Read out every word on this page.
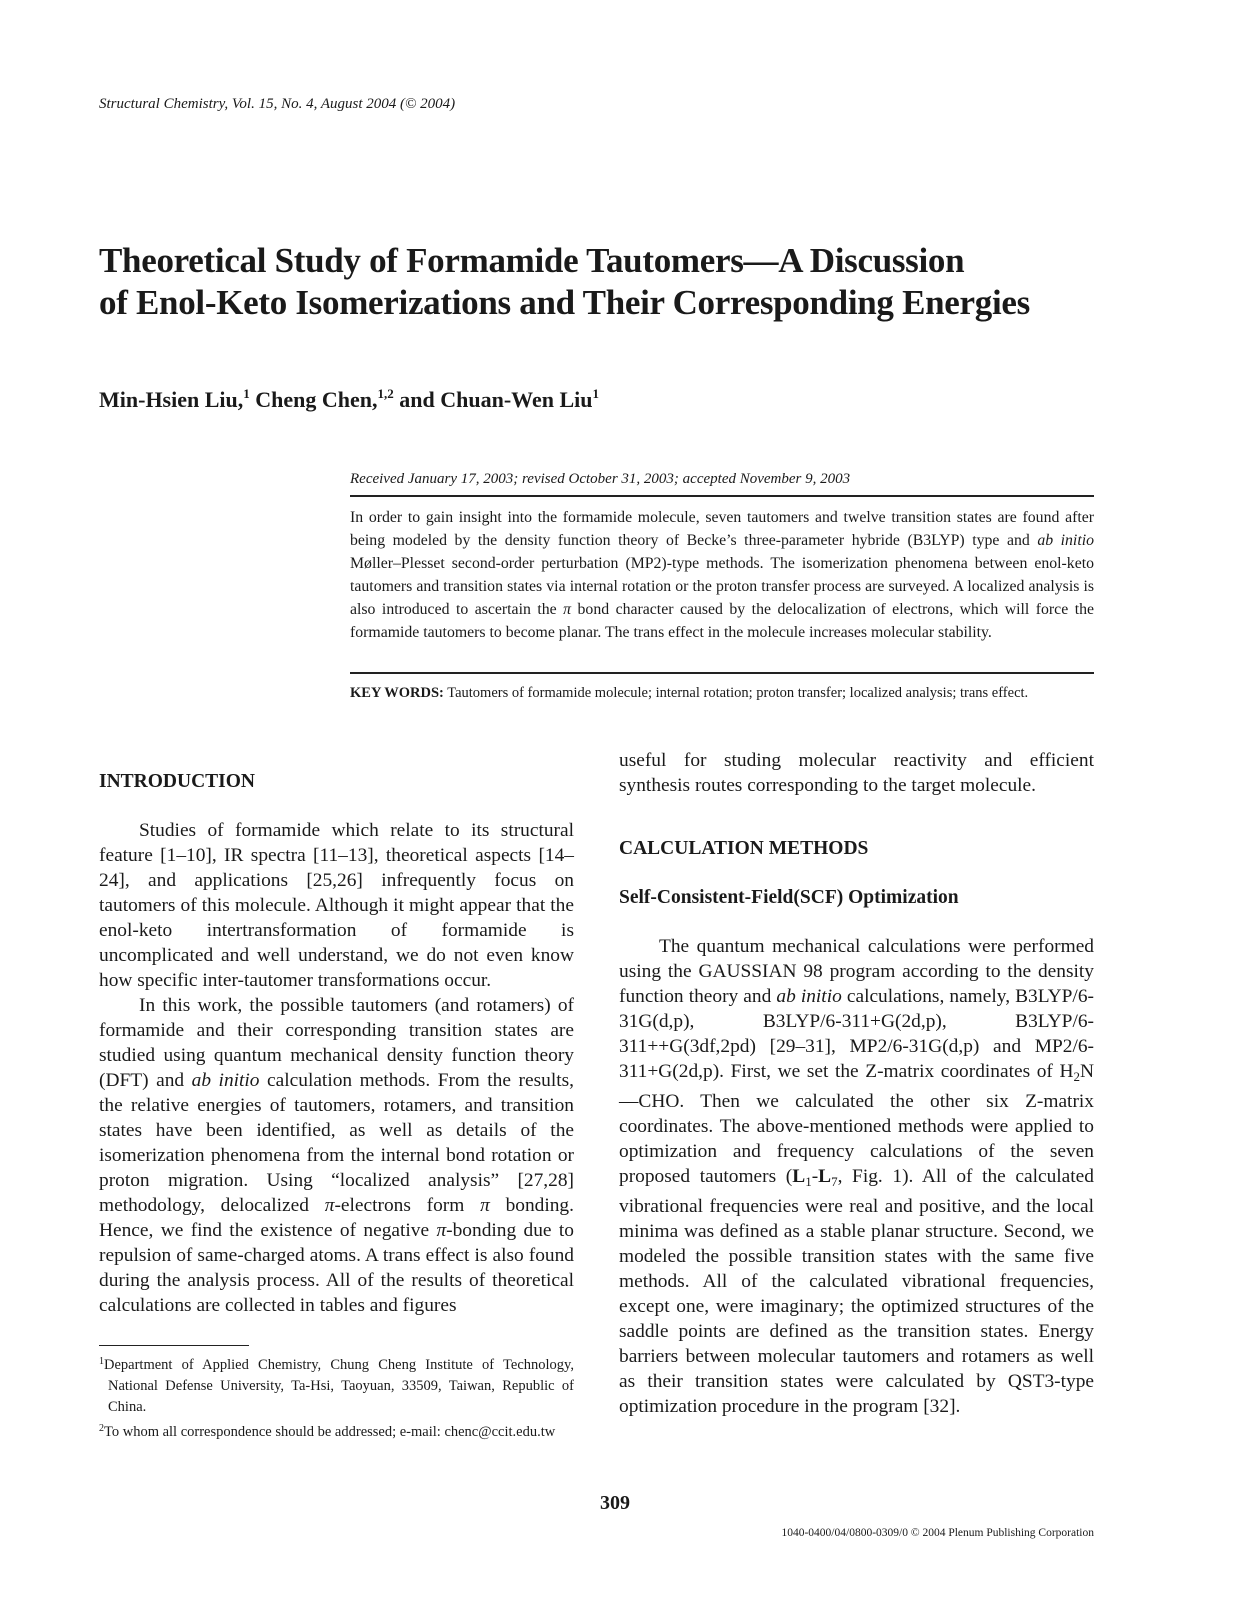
Structural Chemistry, Vol. 15, No. 4, August 2004 (© 2004)
Theoretical Study of Formamide Tautomers—A Discussion
of Enol-Keto Isomerizations and Their Corresponding Energies
Min-Hsien Liu,$^1$ Cheng Chen,$^{1,2}$ and Chuan-Wen Liu$^1$
Received January 17, 2003; revised October 31, 2003; accepted November 9, 2003
In order to gain insight into the formamide molecule, seven tautomers and twelve transition states are found after being modeled by the density function theory of Becke’s three-parameter hybride (B3LYP) type and ab initio Møller–Plesset second-order perturbation (MP2)-type methods. The isomerization phenomena between enol-keto tautomers and transition states via internal rotation or the proton transfer process are surveyed. A localized analysis is also introduced to ascertain the π bond character caused by the delocalization of electrons, which will force the formamide tautomers to become planar. The trans effect in the molecule increases molecular stability.
KEY WORDS: Tautomers of formamide molecule; internal rotation; proton transfer; localized analysis; trans effect.
INTRODUCTION

Studies of formamide which relate to its structural feature [1–10], IR spectra [11–13], theoretical aspects [14–24], and applications [25,26] infrequently focus on tautomers of this molecule. Although it might appear that the enol-keto intertransformation of formamide is uncomplicated and well understand, we do not even know how specific inter-tautomer transformations occur.

In this work, the possible tautomers (and rotamers) of formamide and their corresponding transition states are studied using quantum mechanical density function theory (DFT) and ab initio calculation methods. From the results, the relative energies of tautomers, rotamers, and transition states have been identified, as well as details of the isomerization phenomena from the internal bond rotation or proton migration. Using “localized analysis” [27,28] methodology, delocalized π-electrons form π bonding. Hence, we find the existence of negative π-bonding due to repulsion of same-charged atoms. A trans effect is also found during the analysis process. All of the results of theoretical calculations are collected in tables and figures

$^1$Department of Applied Chemistry, Chung Cheng Institute of Technology, National Defense University, Ta-Hsi, Taoyuan, 33509, Taiwan, Republic of China.
$^2$To whom all correspondence should be addressed; e-mail: chenc@ccit.edu.tw

useful for studing molecular reactivity and efficient synthesis routes corresponding to the target molecule.

CALCULATION METHODS
Self-Consistent-Field(SCF) Optimization

The quantum mechanical calculations were performed using the GAUSSIAN 98 program according to the density function theory and ab initio calculations, namely, B3LYP/6-31G(d,p), B3LYP/6-311+G(2d,p), B3LYP/6-311++G(3df,2pd) [29–31], MP2/6-31G(d,p) and MP2/6-311+G(2d,p). First, we set the Z-matrix coordinates of $H_2N—CHO$. Then we calculated the other six Z-matrix coordinates. The above-mentioned methods were applied to optimization and frequency calculations of the seven proposed tautomers ($L_1-L_7$, Fig. 1). All of the calculated vibrational frequencies were real and positive, and the local minima was defined as a stable planar structure. Second, we modeled the possible transition states with the same five methods. All of the calculated vibrational frequencies, except one, were imaginary; the optimized structures of the saddle points are defined as the transition states. Energy barriers between molecular tautomers and rotamers as well as their transition states were calculated by QST3-type optimization procedure in the program [32].

309
1040-0400/04/0800-0309/0 © 2004 Plenum Publishing Corporation
